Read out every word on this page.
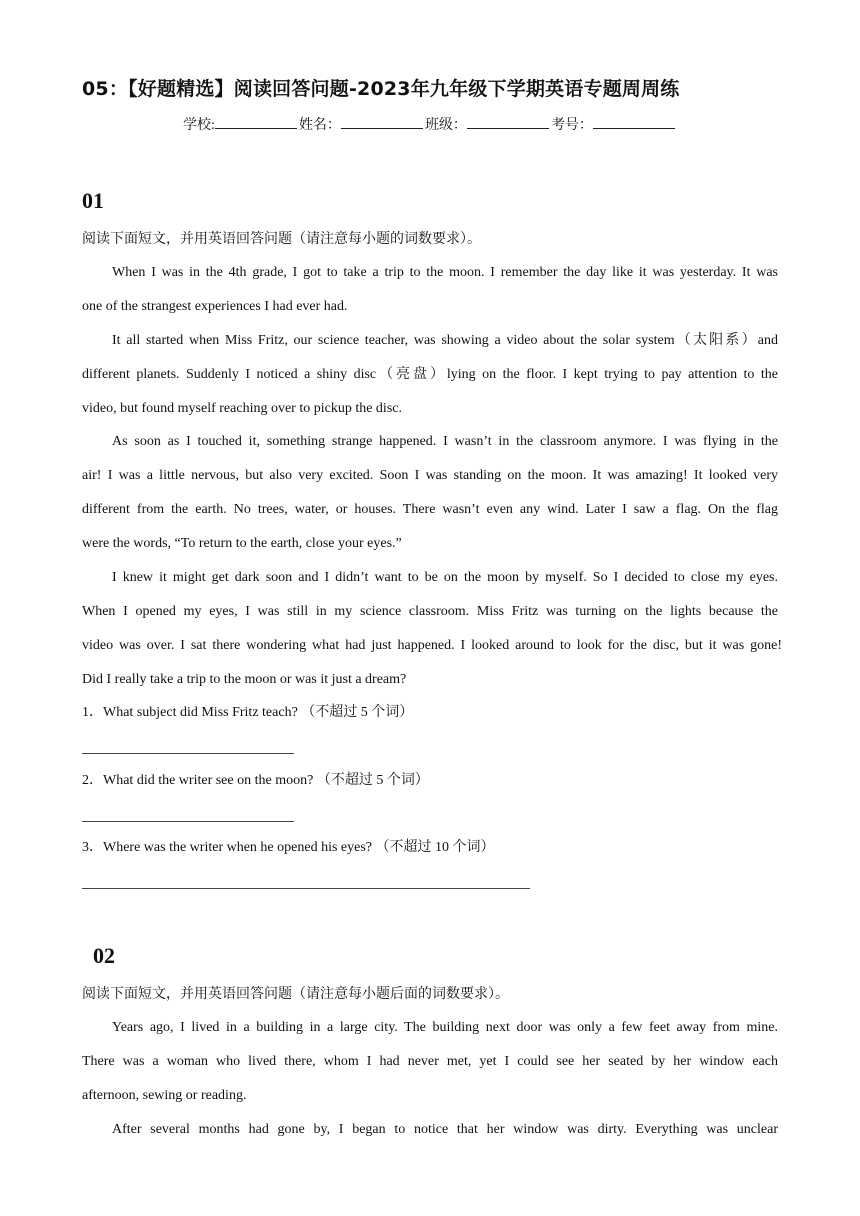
05：【好题精选】阅读回答问题-2023年九年级下学期英语专题周周练
学校:	姓名：	班级：	考号：
01
阅读下面短文，并用英语回答问题（请注意每小题的词数要求）。
When I was in the 4th grade, I got to take a trip to the moon. I remember the day like it was yesterday. It was
one of the strangest experiences I had ever had.
It all started when Miss Fritz, our science teacher, was showing a video about the solar system（太阳系）and
different planets. Suddenly I noticed a shiny disc（亮盘）lying on the floor. I kept trying to pay attention to the
video, but found myself reaching over to pickup the disc.
As soon as I touched it, something strange happened. I wasn’t in the classroom anymore. I was flying in the
air! I was a little nervous, but also very excited. Soon I was standing on the moon. It was amazing! It looked very
different from the earth. No trees, water, or houses. There wasn’t even any wind. Later I saw a flag. On the flag
were the words, “To return to the earth, close your eyes.”
I knew it might get dark soon and I didn’t want to be on the moon by myself. So I decided to close my eyes.
When I opened my eyes, I was still in my science classroom. Miss Fritz was turning on the lights because the
video was over. I sat there wondering what had just happened. I looked around to look for the disc, but it was gone!
Did I really take a trip to the moon or was it just a dream?
1．What subject did Miss Fritz teach? （不超过 5 个词）
2．What did the writer see on the moon? （不超过 5 个词）
3．Where was the writer when he opened his eyes? （不超过 10 个词）
02
阅读下面短文，并用英语回答问题（请注意每小题后面的词数要求）。
Years ago, I lived in a building in a large city. The building next door was only a few feet away from mine.
There was a woman who lived there, whom I had never met, yet I could see her seated by her window each
afternoon, sewing or reading.
After several months had gone by, I began to notice that her window was dirty. Everything was unclear
